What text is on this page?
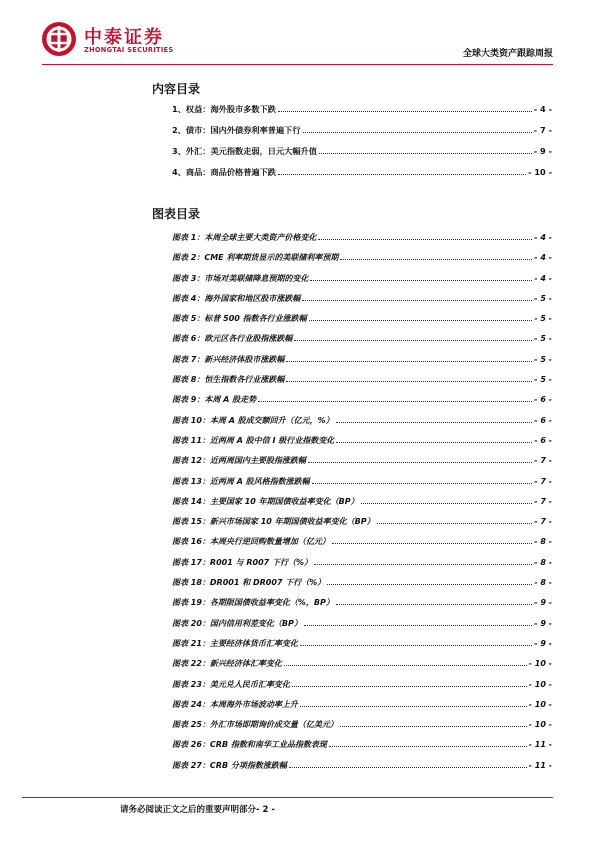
中泰证券
ZHONGTAI SECURITIES	全球大类资产跟踪周报
内容目录
1、权益：海外股市多数下跌	- 4 -
2、债市：国内外债券利率普遍下行	- 7 -
3、外汇：美元指数走弱，日元大幅升值	- 9 -
4、商品：商品价格普遍下跌	- 10 -
图表目录
图表 1：本周全球主要大类资产价格变化	- 4 -
图表 2：CME 利率期货显示的美联储利率预期	- 4 -
图表 3：市场对美联储降息预期的变化	- 4 -
图表 4：海外国家和地区股市涨跌幅	- 5 -
图表 5：标普 500 指数各行业涨跌幅	- 5 -
图表 6：欧元区各行业股指涨跌幅	- 5 -
图表 7：新兴经济体股市涨跌幅	- 5 -
图表 8：恒生指数各行业涨跌幅	- 5 -
图表 9：本周 A 股走势	- 6 -
图表 10：本周 A 股成交额回升（亿元，%）	- 6 -
图表 11：近两周 A 股中信 I 级行业指数变化	- 6 -
图表 12：近两周国内主要股指涨跌幅	- 7 -
图表 13：近两周 A 股风格指数涨跌幅	- 7 -
图表 14：主要国家 10 年期国债收益率变化（BP）	- 7 -
图表 15：新兴市场国家 10 年期国债收益率变化（BP）	- 7 -
图表 16：本周央行逆回购数量增加（亿元）	- 8 -
图表 17：R001 与 R007 下行（%）	- 8 -
图表 18：DR001 和 DR007 下行（%）	- 8 -
图表 19：各期限国债收益率变化（%，BP）	- 9 -
图表 20：国内信用利差变化（BP）	- 9 -
图表 21：主要经济体货币汇率变化	- 9 -
图表 22：新兴经济体汇率变化	- 10 -
图表 23：美元兑人民币汇率变化	- 10 -
图表 24：本周海外市场波动率上升	- 10 -
图表 25：外汇市场即期询价成交量（亿美元）	- 10 -
图表 26：CRB 指数和南华工业品指数表现	- 11 -
图表 27：CRB 分项指数涨跌幅	- 11 -
请务必阅读正文之后的重要声明部分- 2 -
